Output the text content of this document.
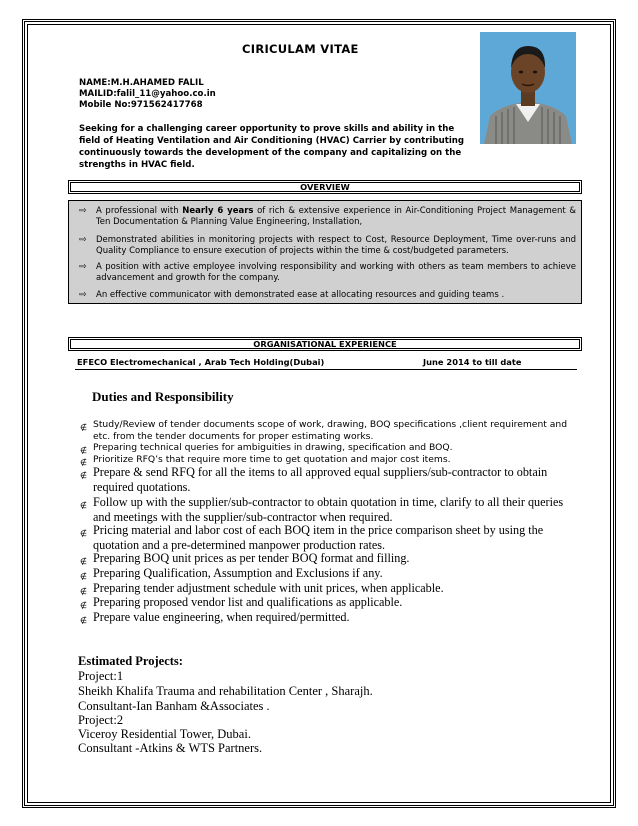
CIRICULAM VITAE
NAME:M.H.AHAMED FALIL
MAILID:falil_11@yahoo.co.in
Mobile No:971562417768
Seeking for a challenging career opportunity to prove skills and ability in the field of Heating Ventilation and Air Conditioning (HVAC) Carrier by contributing continuously towards the development of the company and capitalizing on the strengths in HVAC field.
OVERVIEW
⇨ A professional with Nearly 6 years of rich & extensive experience in Air-Conditioning Project Management & Ten Documentation & Planning Value Engineering, Installation,
⇨ Demonstrated abilities in monitoring projects with respect to Cost, Resource Deployment, Time over-runs and Quality Compliance to ensure execution of projects within the time & cost/budgeted parameters.
⇨ A position with active employee involving responsibility and working with others as team members to achieve advancement and growth for the company.
⇨ An effective communicator with demonstrated ease at allocating resources and guiding teams .
ORGANISATIONAL EXPERIENCE
EFECO Electromechanical , Arab Tech Holding(Dubai)	June 2014 to till date
Duties and Responsibility
∉ Study/Review of tender documents scope of work, drawing, BOQ specifications ,client requirement and etc. from the tender documents for proper estimating works.
∉ Preparing technical queries for ambiguities in drawing, specification and BOQ.
∉ Prioritize RFQ’s that require more time to get quotation and major cost items.
∉ Prepare & send RFQ for all the items to all approved equal suppliers/sub-contractor to obtain required quotations.
∉ Follow up with the supplier/sub-contractor to obtain quotation in time, clarify to all their queries and meetings with the supplier/sub-contractor when required.
∉ Pricing material and labor cost of each BOQ item in the price comparison sheet by using the quotation and a pre-determined manpower production rates.
∉ Preparing BOQ unit prices as per tender BOQ format and filling.
∉ Preparing Qualification, Assumption and Exclusions if any.
∉ Preparing tender adjustment schedule with unit prices, when applicable.
∉ Preparing proposed vendor list and qualifications as applicable.
∉ Prepare value engineering, when required/permitted.
Estimated Projects:
Project:1
Sheikh Khalifa Trauma and rehabilitation Center , Sharajh.
Consultant-Ian Banham &Associates .
Project:2
Viceroy Residential Tower, Dubai.
Consultant -Atkins & WTS Partners.
